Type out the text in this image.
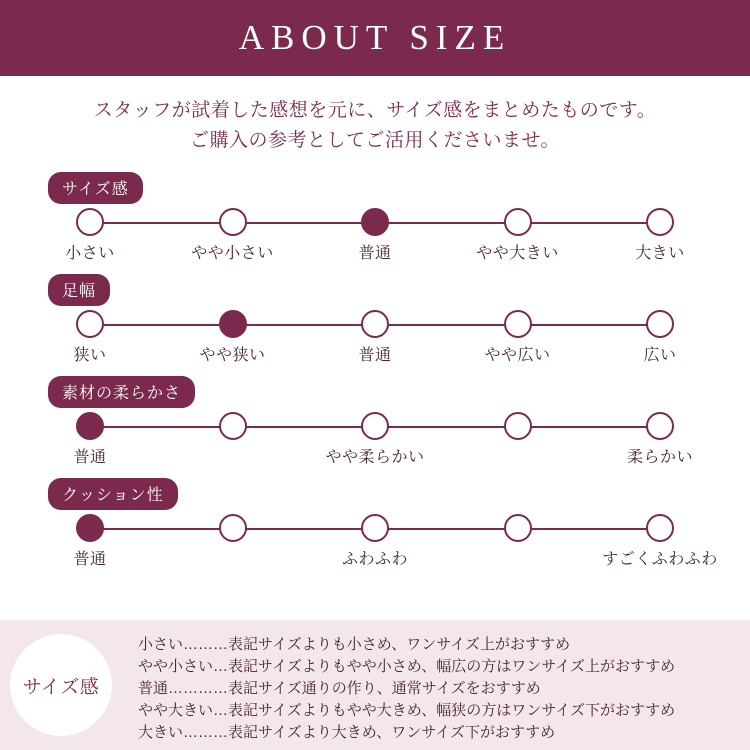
ABOUT SIZE
スタッフが試着した感想を元に、サイズ感をまとめたものです。
ご購入の参考としてご活用くださいませ。
サイズ感
小さい	やや小さい	普通	やや大きい	大きい
足幅
狭い	やや狭い	普通	やや広い	広い
素材の柔らかさ
普通	やや柔らかい	柔らかい
クッション性
普通	ふわふわ	すごくふわふわ
サイズ感
小さい………表記サイズよりも小さめ、ワンサイズ上がおすすめ
やや小さい…表記サイズよりもやや小さめ、幅広の方はワンサイズ上がおすすめ
普通…………表記サイズ通りの作り、通常サイズをおすすめ
やや大きい…表記サイズよりもやや大きめ、幅狭の方はワンサイズ下がおすすめ
大きい………表記サイズより大きめ、ワンサイズ下がおすすめ
